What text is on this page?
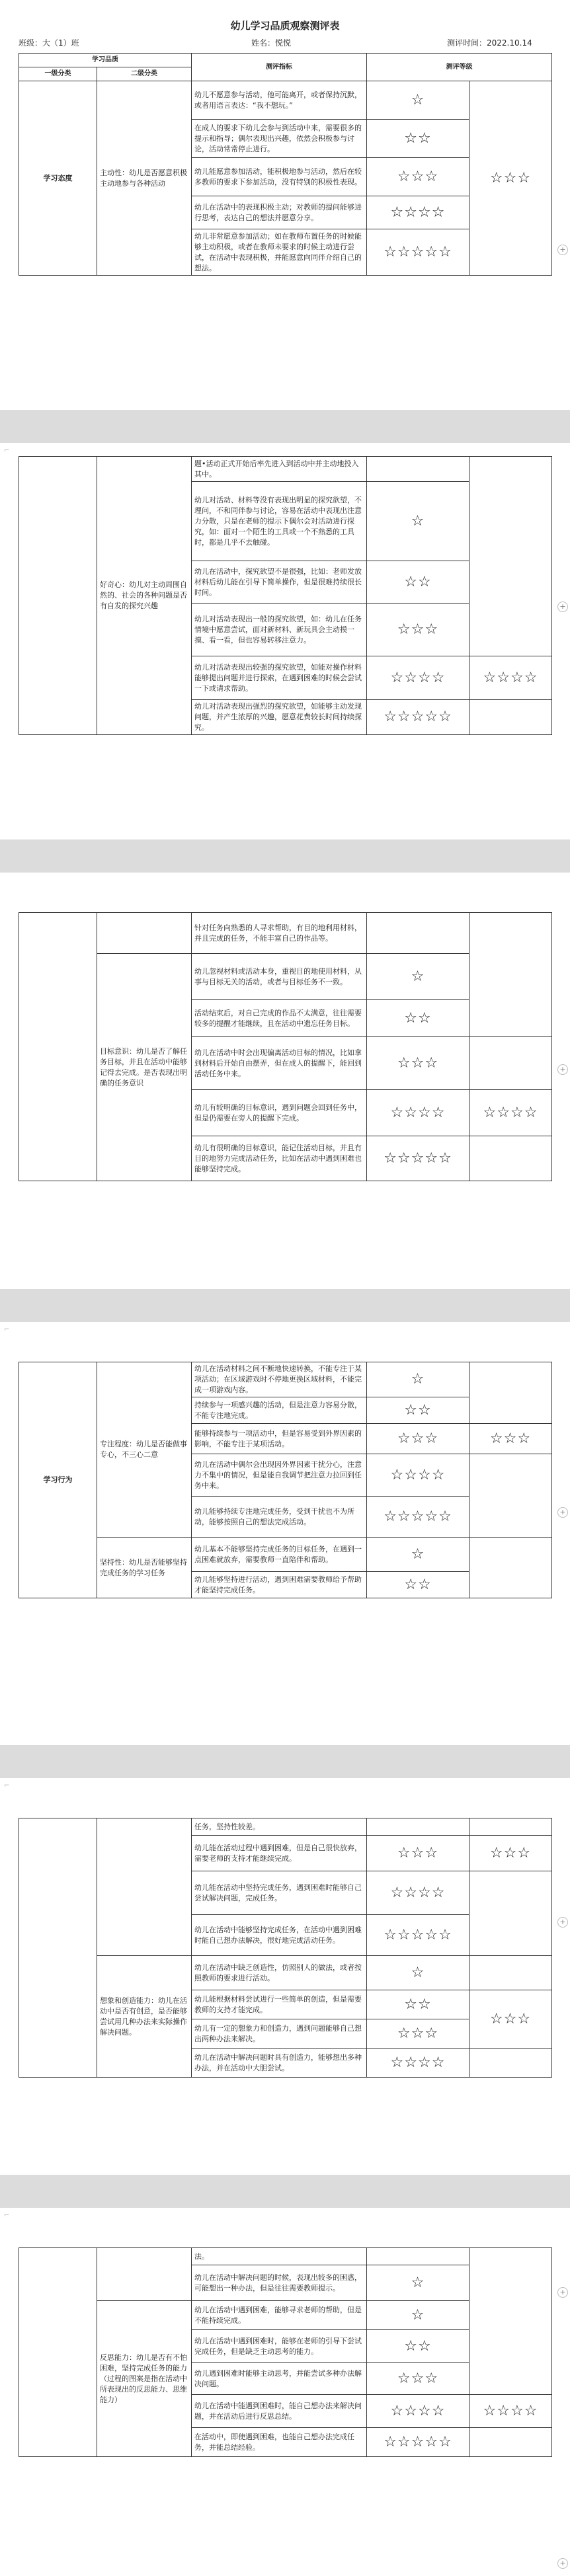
幼儿学习品质观察测评表
班级：大（1）班	姓名：悦悦	测评时间：2022.10.14
学习品质		测评指标	测评等级	
一级分类	二级分类			
学习态度	主动性：幼儿是否愿意积极主动地参与各种活动	幼儿不愿意参与活动，他可能离开，或者保持沉默，或者用语言表达：“我不想玩。”	☆	☆☆☆
		在成人的要求下幼儿会参与到活动中来，需要很多的提示和指导；偶尔表现出兴趣，依然会积极参与讨论，活动常常停止进行。	☆☆	
		幼儿能愿意参加活动，能积极地参与活动，然后在较多教师的要求下参加活动，没有特别的积极性表现。	☆☆☆	
		幼儿在活动中的表现积极主动；对教师的提问能够进行思考，表达自己的想法并愿意分享。	☆☆☆☆	
		幼儿非常愿意参加活动；如在教师布置任务的时候能够主动积极，或者在教师未要求的时候主动进行尝试，在活动中表现积极，并能愿意向同伴介绍自己的想法。	☆☆☆☆☆		+
⌐
	好奇心：幼儿对主动周围自然的、社会的各种问题是否有自发的探究兴趣	题•活动正式开始后率先进入到活动中并主动地投入其中。		
		幼儿对活动、材料等没有表现出明显的探究欲望，不理问，不和同伴参与讨论，容易在活动中表现出注意力分散，只是在老师的提示下偶尔会对活动进行探究，如：面对一个陌生的工具或一个不熟悉的工具时，都是几乎不去触碰。	☆	
		幼儿在活动中，探究欲望不是很强，比如：老师发放材料后幼儿能在引导下简单操作，但是很难持续很长时间。	☆☆	
		幼儿对活动表现出一般的探究欲望，如：幼儿在任务情境中愿意尝试，面对新材料、新玩具会主动摸一摸、看一看，但也容易转移注意力。	☆☆☆	
		幼儿对活动表现出较强的探究欲望，如能对操作材料能够提出问题并进行探索，在遇到困难的时候会尝试一下或请求帮助。	☆☆☆☆	☆☆☆☆
		幼儿对活动表现出强烈的探究欲望，如能够主动发现问题，并产生浓厚的兴趣，愿意花费较长时间持续探究。	☆☆☆☆☆	
+
		针对任务向熟悉的人寻求帮助，有目的地利用材料，并且完成的任务，不能丰富自己的作品等。		
	目标意识：幼儿是否了解任务目标，并且在活动中能够记得去完成。是否表现出明确的任务意识	幼儿忽视材料或活动本身，重视目的地使用材料，从事与目标无关的活动，或者与目标任务不一致。	☆	
		活动结束后，对自己完成的作品不太满意，往往需要较多的提醒才能继续，且在活动中遗忘任务目标。	☆☆	
		幼儿在活动中时会出现偏离活动目标的情况，比如拿到材料后开始自由摆弄，但在成人的提醒下，能回到活动任务中来。	☆☆☆	
		幼儿有较明确的目标意识，遇到问题会回到任务中，但是仍需要在旁人的提醒下完成。	☆☆☆☆	☆☆☆☆
		幼儿有很明确的目标意识，能记住活动目标，并且有目的地努力完成活动任务，比如在活动中遇到困难也能够坚持完成。	☆☆☆☆☆	
+
⌐
学习行为	专注程度：幼儿是否能做事专心，不三心二意	幼儿在活动材料之间不断地快速转换，不能专注于某项活动；在区域游戏时不停地更换区域材料，不能完成一项游戏内容。	☆	
		持续参与一项感兴趣的活动，但是注意力容易分散，不能专注地完成。	☆☆	
		能够持续参与一项活动中，但是容易受到外界因素的影响，不能专注于某项活动。	☆☆☆	☆☆☆
		幼儿在活动中偶尔会出现因外界因素干扰分心，注意力不集中的情况，但是能自我调节把注意力拉回到任务中来。	☆☆☆☆	
		幼儿能够持续专注地完成任务，受到干扰也不为所动，能够按照自己的想法完成活动。	☆☆☆☆☆	
	坚持性：幼儿是否能够坚持完成任务的学习任务	幼儿基本不能够坚持完成任务的目标任务，在遇到一点困难就放弃，需要教师一直陪伴和帮助。	☆	
		幼儿能够坚持进行活动，遇到困难需要教师给予帮助才能坚持完成任务。	☆☆	
+
⌐
		任务，坚持性较差。		
		幼儿能在活动过程中遇到困难，但是自己很快放弃，需要老师的支持才能继续完成。	☆☆☆	☆☆☆
		幼儿能在活动中坚持完成任务，遇到困难时能够自己尝试解决问题，完成任务。	☆☆☆☆	
		幼儿在活动中能够坚持完成任务，在活动中遇到困难时能自己想办法解决，很好地完成活动任务。	☆☆☆☆☆	
	想象和创造能力：幼儿在活动中是否有创意，是否能够尝试用几种办法来实际操作解决问题。	幼儿在活动中缺乏创造性，仿照别人的做法，或者按照教师的要求进行活动。	☆	
		幼儿能根据材料尝试进行一些简单的创造，但是需要教师的支持才能完成。	☆☆	☆☆☆
		幼儿有一定的想象力和创造力，遇到问题能够自己想出两种办法来解决。	☆☆☆	
		幼儿在活动中解决问题时具有创造力，能够想出多种办法，并在活动中大胆尝试。	☆☆☆☆	
+
⌐
		法。		
		幼儿在活动中解决问题的时候，表现出较多的困惑，可能想出一种办法，但是往往需要教师提示。	☆	
	反思能力：幼儿是否有不怕困难，坚持完成任务的能力（过程的图案是指在活动中所表现出的反思能力、思维能力）	幼儿在活动中遇到困难，能够寻求老师的帮助，但是不能持续完成。	☆	
		幼儿在活动中遇到困难时，能够在老师的引导下尝试完成任务，但是缺乏主动思考的能力。	☆☆	
		幼儿遇到困难时能够主动思考，并能尝试多种办法解决问题。	☆☆☆	
		幼儿在活动中能遇到困难时，能自己想办法来解决问题，并在活动后进行反思总结。	☆☆☆☆	☆☆☆☆
		在活动中，即使遇到困难，也能自己想办法完成任务，并能总结经验。	☆☆☆☆☆	
+
+
